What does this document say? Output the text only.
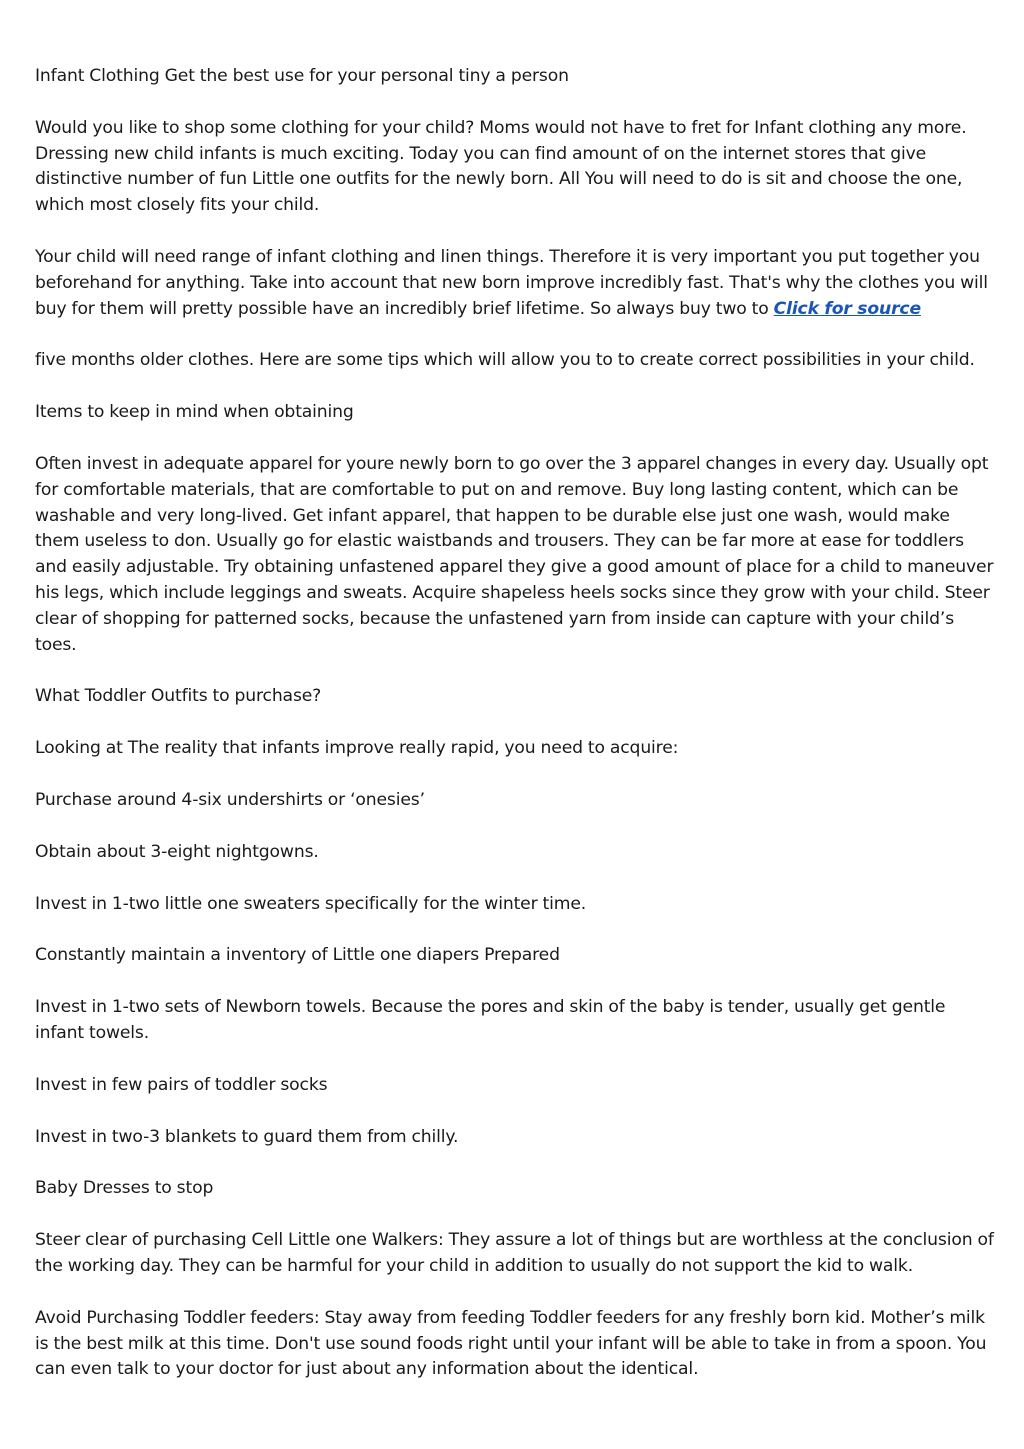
Infant Clothing Get the best use for your personal tiny a person

Would you like to shop some clothing for your child? Moms would not have to fret for Infant clothing any more. Dressing new child infants is much exciting. Today you can find amount of on the internet stores that give distinctive number of fun Little one outfits for the newly born. All You will need to do is sit and choose the one, which most closely fits your child.

Your child will need range of infant clothing and linen things. Therefore it is very important you put together you beforehand for anything. Take into account that new born improve incredibly fast. That's why the clothes you will buy for them will pretty possible have an incredibly brief lifetime. So always buy two to Click for source

five months older clothes. Here are some tips which will allow you to to create correct possibilities in your child.

Items to keep in mind when obtaining

Often invest in adequate apparel for youre newly born to go over the 3 apparel changes in every day. Usually opt for comfortable materials, that are comfortable to put on and remove. Buy long lasting content, which can be washable and very long-lived. Get infant apparel, that happen to be durable else just one wash, would make them useless to don. Usually go for elastic waistbands and trousers. They can be far more at ease for toddlers and easily adjustable. Try obtaining unfastened apparel they give a good amount of place for a child to maneuver his legs, which include leggings and sweats. Acquire shapeless heels socks since they grow with your child. Steer clear of shopping for patterned socks, because the unfastened yarn from inside can capture with your child’s toes.

What Toddler Outfits to purchase?

Looking at The reality that infants improve really rapid, you need to acquire:

Purchase around 4-six undershirts or ‘onesies’

Obtain about 3-eight nightgowns.

Invest in 1-two little one sweaters specifically for the winter time.

Constantly maintain a inventory of Little one diapers Prepared

Invest in 1-two sets of Newborn towels. Because the pores and skin of the baby is tender, usually get gentle infant towels.

Invest in few pairs of toddler socks

Invest in two-3 blankets to guard them from chilly.

Baby Dresses to stop

Steer clear of purchasing Cell Little one Walkers: They assure a lot of things but are worthless at the conclusion of the working day. They can be harmful for your child in addition to usually do not support the kid to walk.

Avoid Purchasing Toddler feeders: Stay away from feeding Toddler feeders for any freshly born kid. Mother’s milk is the best milk at this time. Don't use sound foods right until your infant will be able to take in from a spoon. You can even talk to your doctor for just about any information about the identical.
